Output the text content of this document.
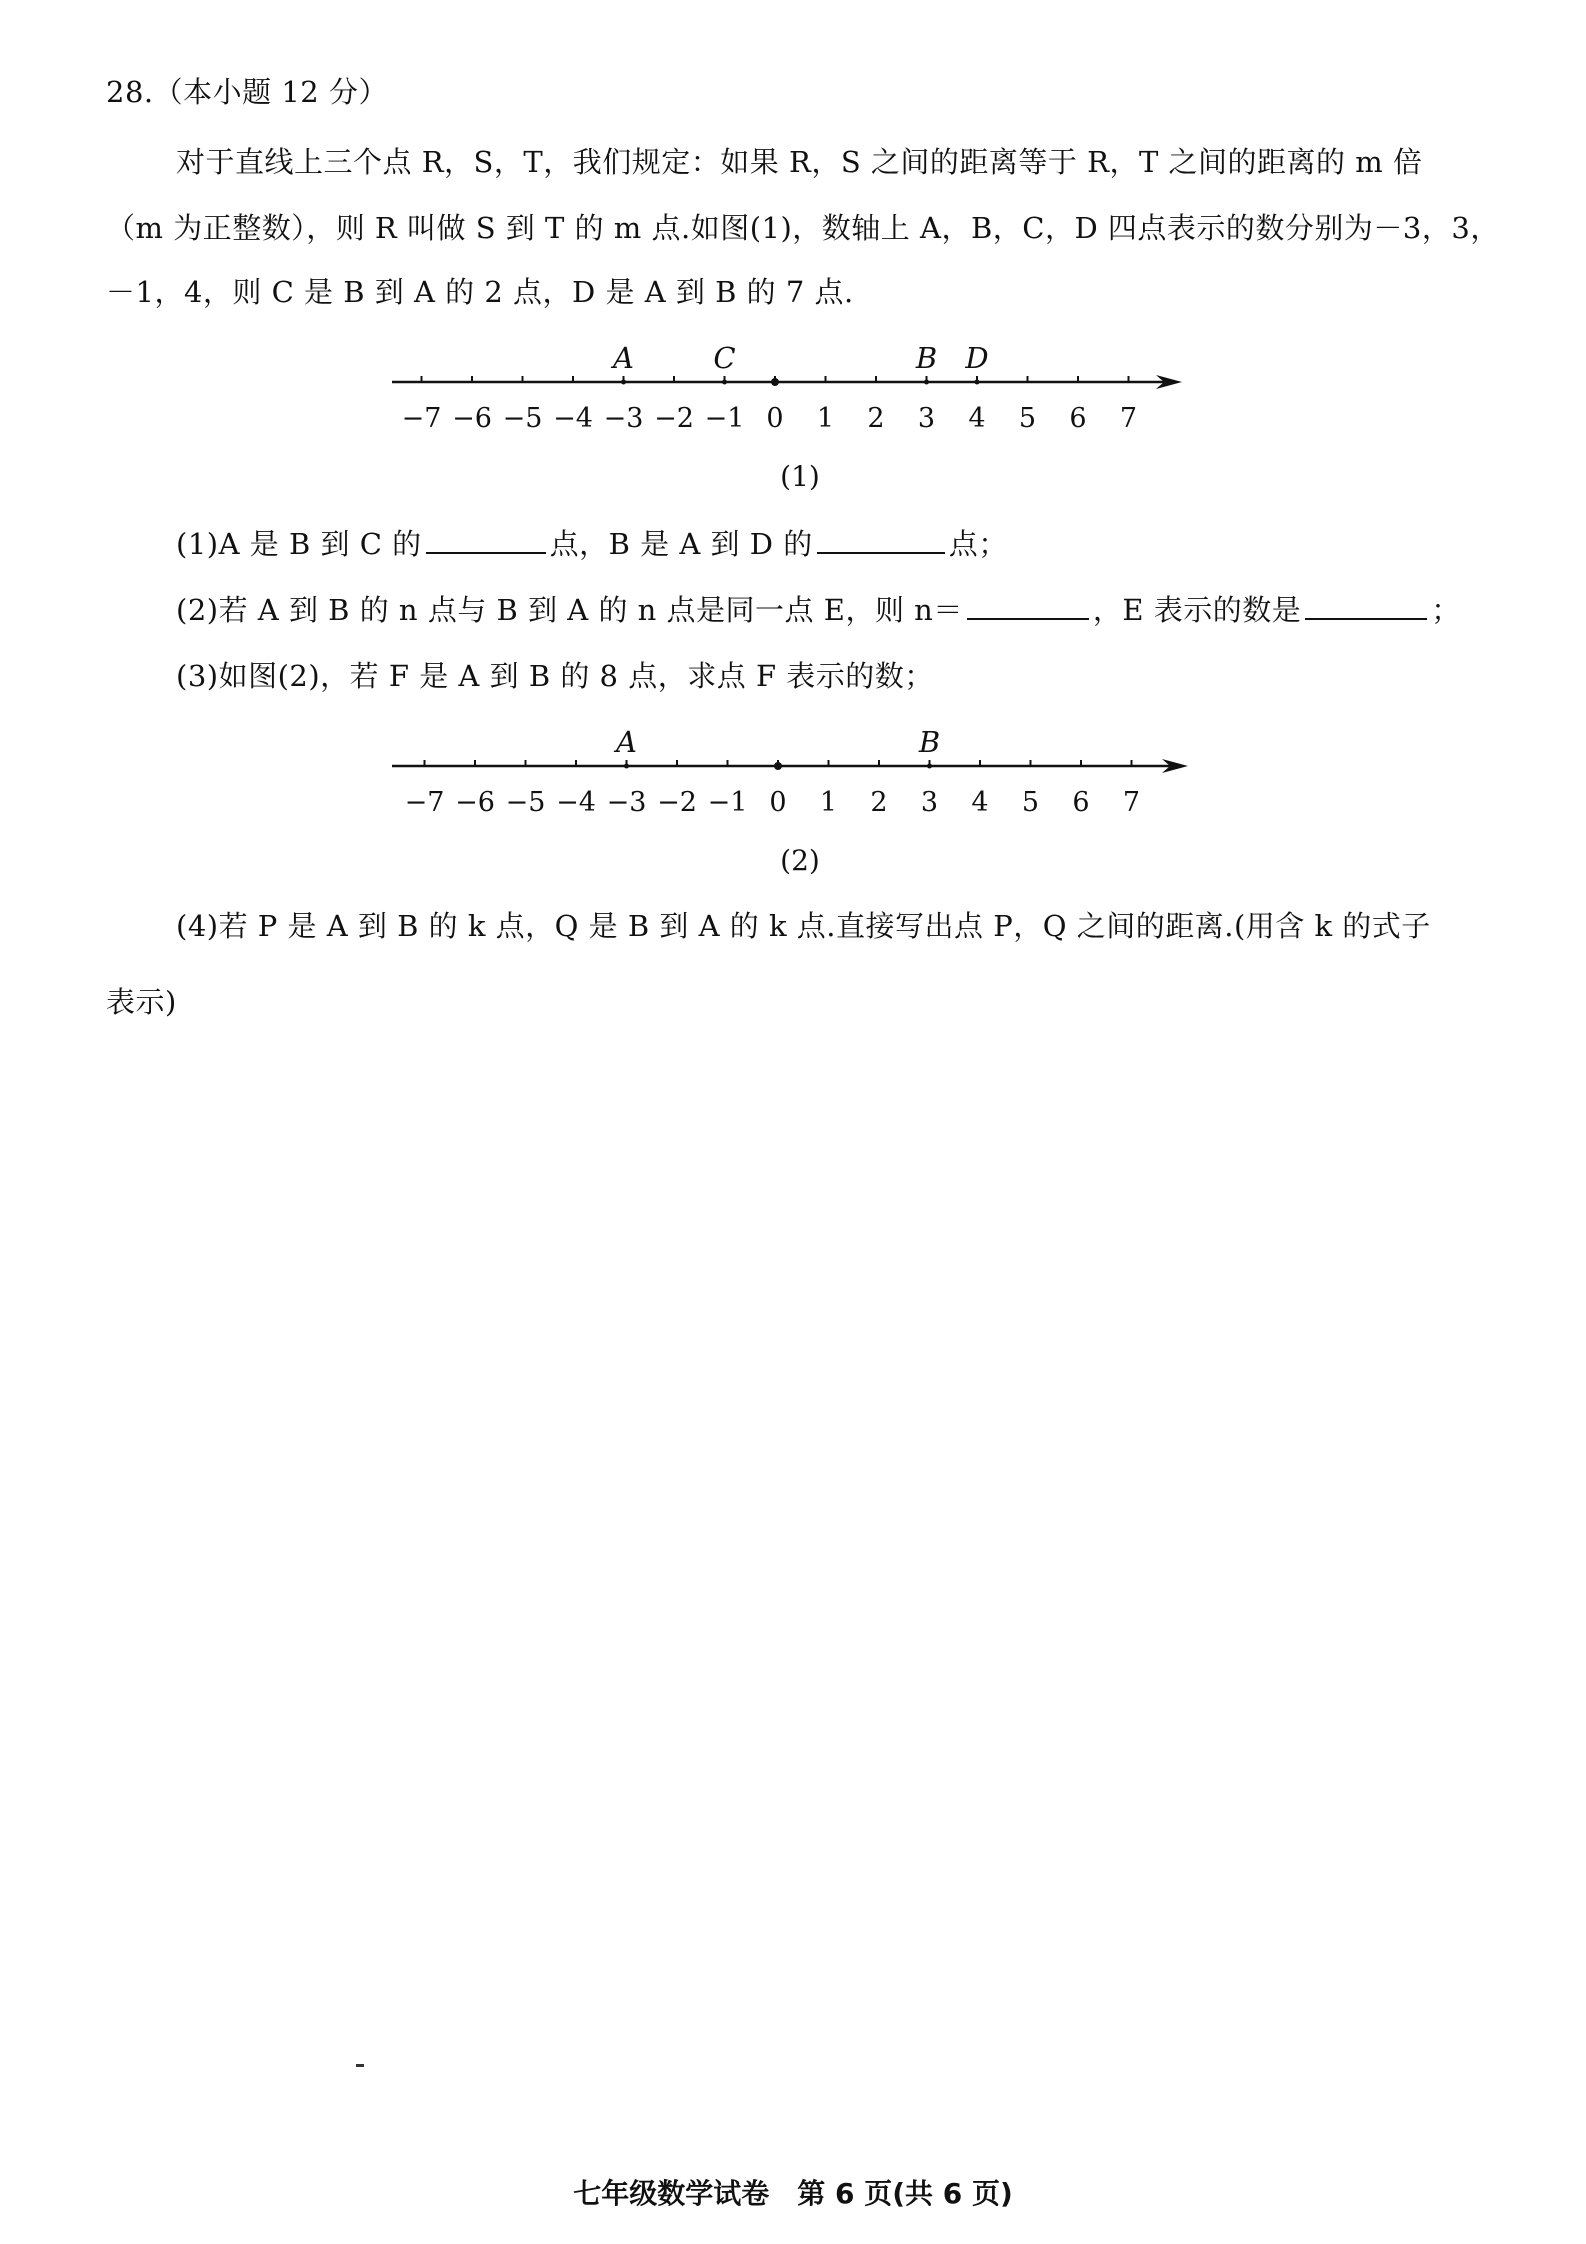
28.（本小题 12 分）
对于直线上三个点 R，S，T，我们规定：如果 R，S 之间的距离等于 R，T 之间的距离的 m 倍
（m 为正整数），则 R 叫做 S 到 T 的 m 点.如图(1)，数轴上 A，B，C，D 四点表示的数分别为－3，3，
－1，4，则 C 是 B 到 A 的 2 点，D 是 A 到 B 的 7 点.
−7 −6 −5 −4 −3 −2 −1 0 1 2 3 4 5 6 7
A	C	B D
(1)
(1)A 是 B 到 C 的	点，B 是 A 到 D 的	点；
(2)若 A 到 B 的 n 点与 B 到 A 的 n 点是同一点 E，则 n＝	，E 表示的数是	；
(3)如图(2)，若 F 是 A 到 B 的 8 点，求点 F 表示的数；
−7 −6 −5 −4 −3 −2 −1 0 1 2 3 4 5 6 7
A	B
(2)
(4)若 P 是 A 到 B 的 k 点，Q 是 B 到 A 的 k 点.直接写出点 P，Q 之间的距离.(用含 k 的式子
表示)
七年级数学试卷　第 6 页(共 6 页)
